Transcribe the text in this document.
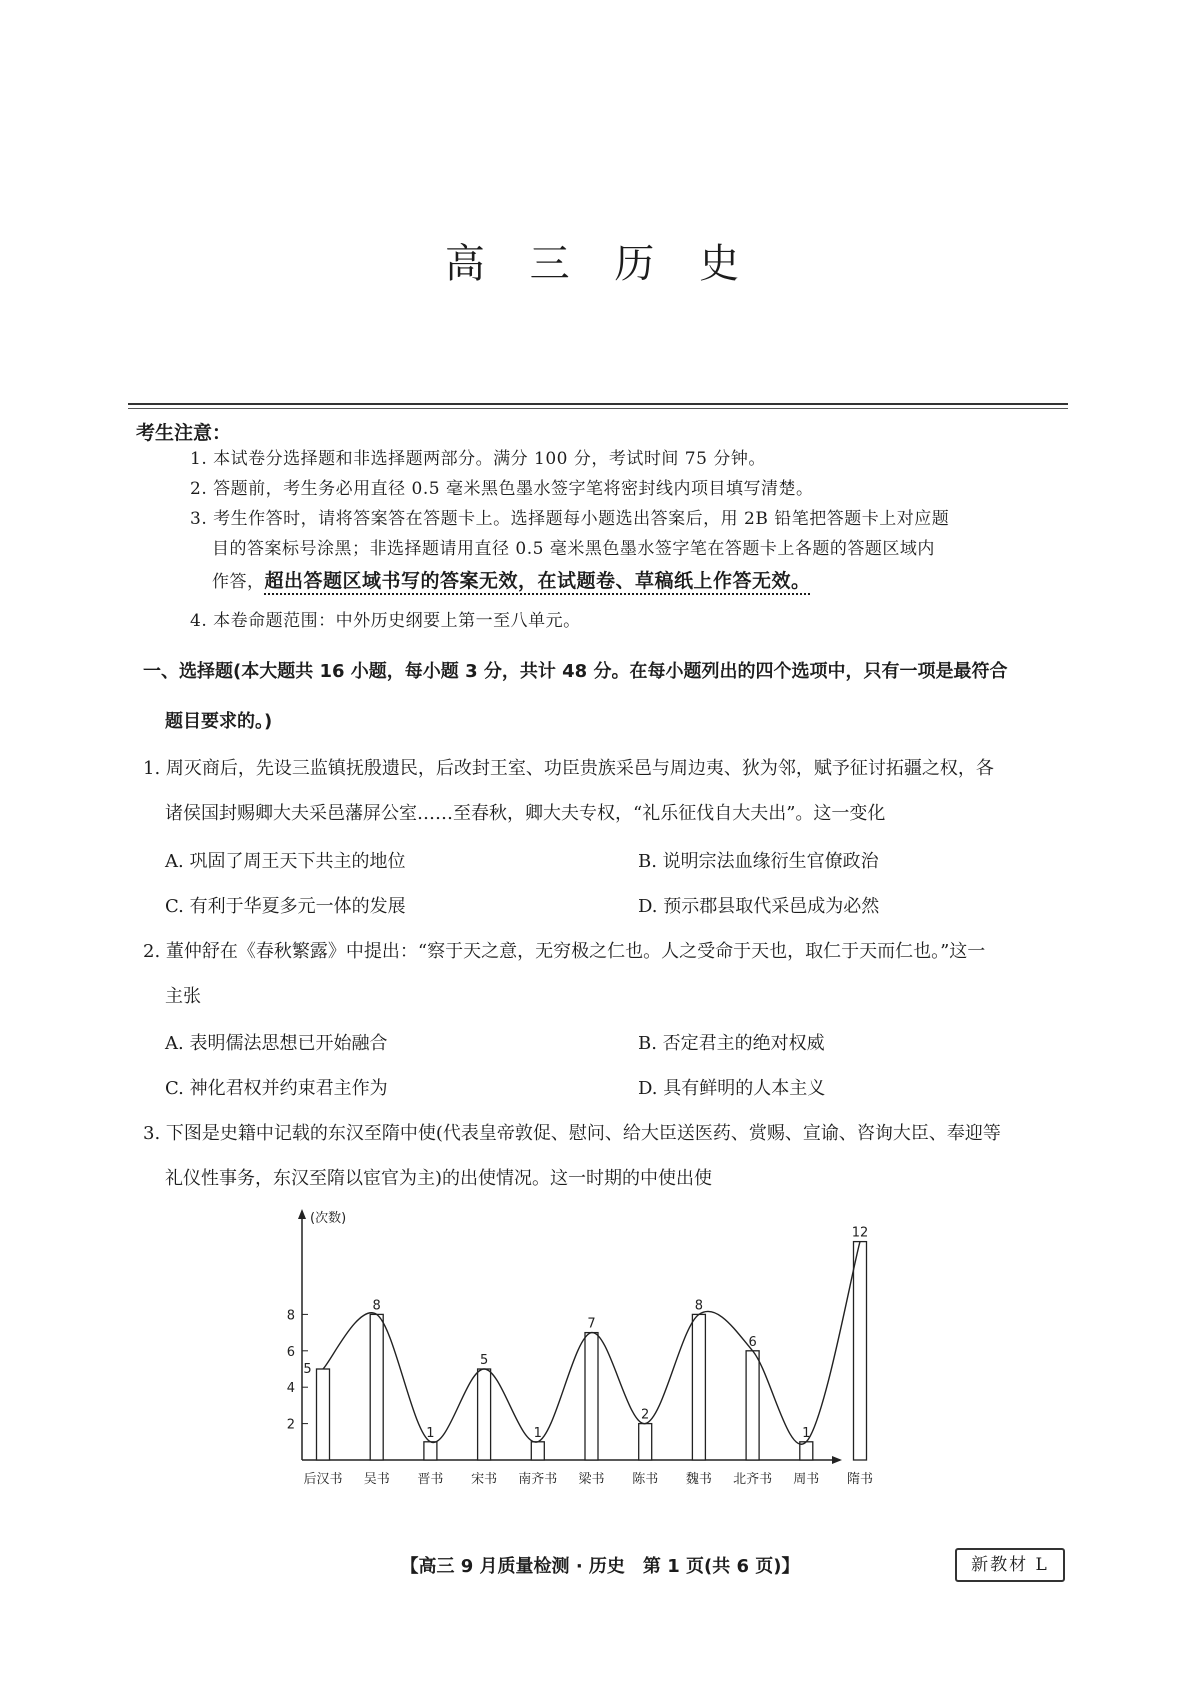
高 三 历 史
考生注意：
1. 本试卷分选择题和非选择题两部分。满分 100 分，考试时间 75 分钟。
2. 答题前，考生务必用直径 0.5 毫米黑色墨水签字笔将密封线内项目填写清楚。
3. 考生作答时，请将答案答在答题卡上。选择题每小题选出答案后，用 2B 铅笔把答题卡上对应题
目的答案标号涂黑；非选择题请用直径 0.5 毫米黑色墨水签字笔在答题卡上各题的答题区域内
作答，超出答题区域书写的答案无效，在试题卷、草稿纸上作答无效。
4. 本卷命题范围：中外历史纲要上第一至八单元。
一、选择题(本大题共 16 小题，每小题 3 分，共计 48 分。在每小题列出的四个选项中，只有一项是最符合
题目要求的。)
1. 周灭商后，先设三监镇抚殷遗民，后改封王室、功臣贵族采邑与周边夷、狄为邻，赋予征讨拓疆之权，各
诸侯国封赐卿大夫采邑藩屏公室……至春秋，卿大夫专权，“礼乐征伐自大夫出”。这一变化
A. 巩固了周王天下共主的地位	B. 说明宗法血缘衍生官僚政治
C. 有利于华夏多元一体的发展	D. 预示郡县取代采邑成为必然
2. 董仲舒在《春秋繁露》中提出：“察于天之意，无穷极之仁也。人之受命于天也，取仁于天而仁也。”这一
主张
A. 表明儒法思想已开始融合	B. 否定君主的绝对权威
C. 神化君权并约束君主作为	D. 具有鲜明的人本主义
3. 下图是史籍中记载的东汉至隋中使(代表皇帝敦促、慰问、给大臣送医药、赏赐、宣谕、咨询大臣、奉迎等
礼仪性事务，东汉至隋以宦官为主)的出使情况。这一时期的中使出使
(次数)
2
4
6
8
5
后汉书
8
吴书
1
晋书
5
宋书
1
南齐书
7
梁书
2
陈书
8
魏书
6
北齐书
1
周书
12
隋书
【高三 9 月质量检测 · 历史　第 1 页(共 6 页)】	新教材 L
